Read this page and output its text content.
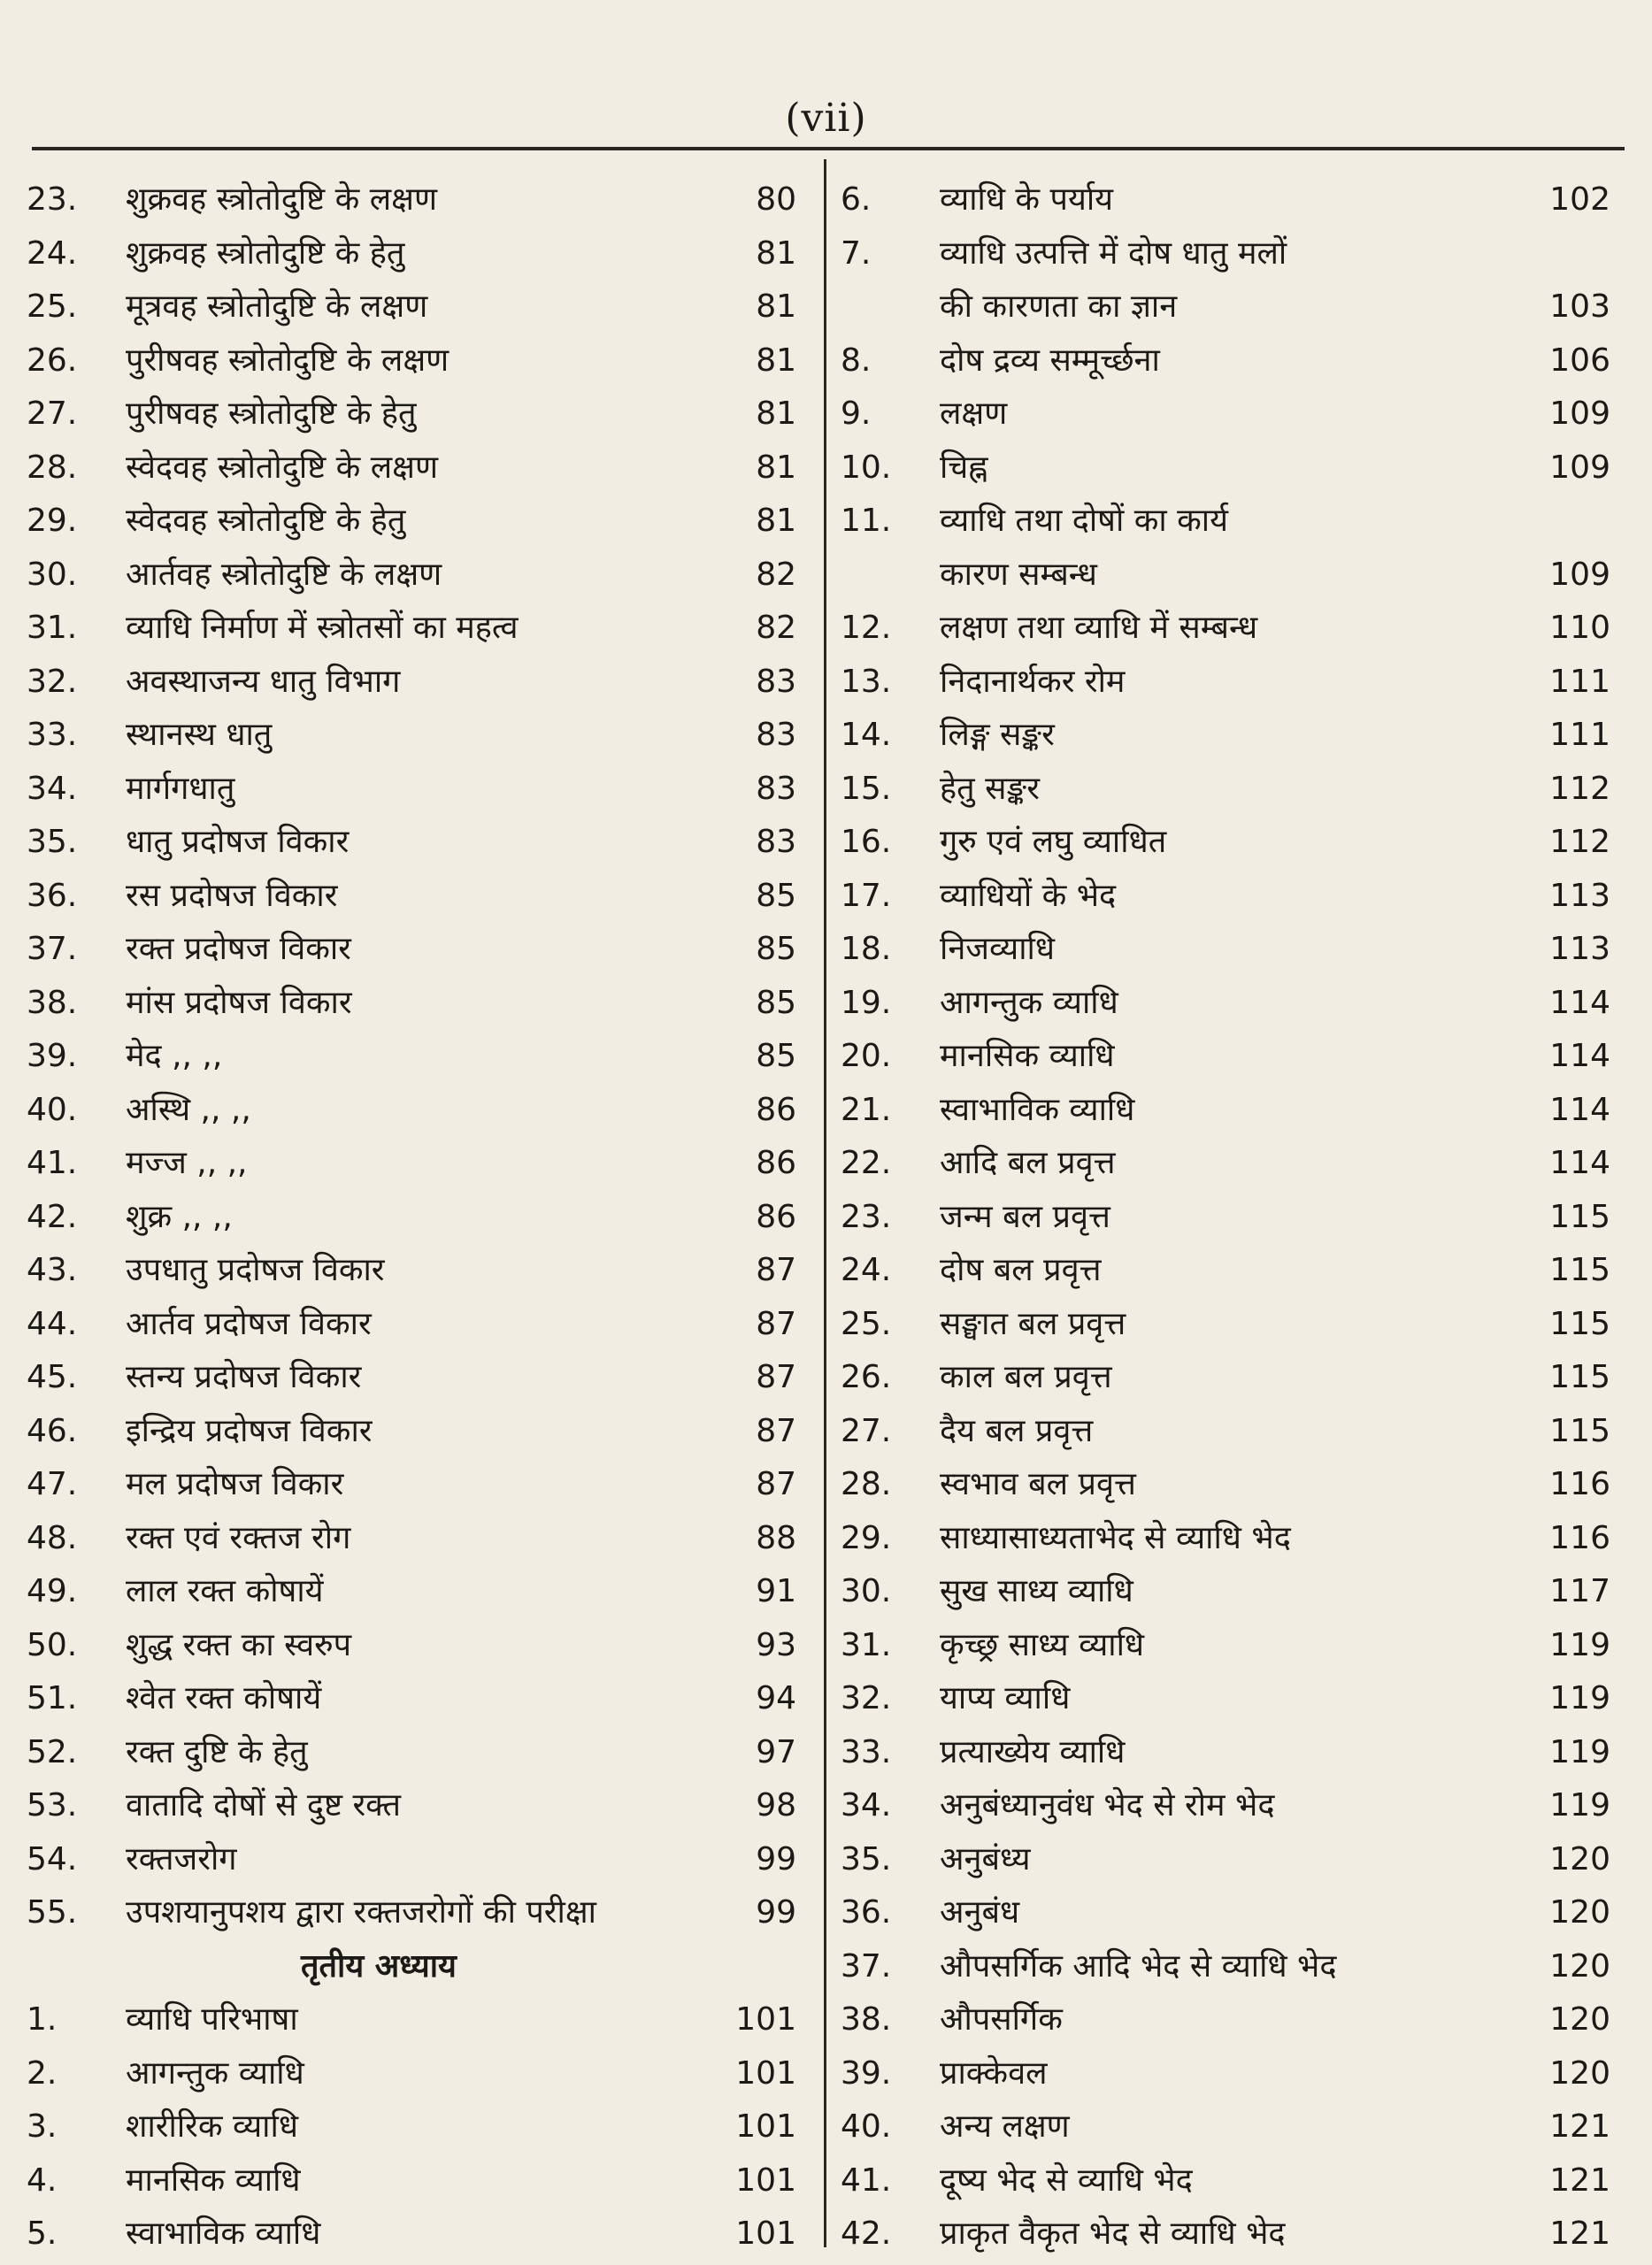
(vii)
23. शुक्रवह स्त्रोतोदुष्टि के लक्षण	80
24. शुक्रवह स्त्रोतोदुष्टि के हेतु	81
25. मूत्रवह स्त्रोतोदुष्टि के लक्षण	81
26. पुरीषवह स्त्रोतोदुष्टि के लक्षण	81
27. पुरीषवह स्त्रोतोदुष्टि के हेतु	81
28. स्वेदवह स्त्रोतोदुष्टि के लक्षण	81
29. स्वेदवह स्त्रोतोदुष्टि के हेतु	81
30. आर्तवह स्त्रोतोदुष्टि के लक्षण	82
31. व्याधि निर्माण में स्त्रोतसों का महत्व	82
32. अवस्थाजन्य धातु विभाग	83
33. स्थानस्थ धातु	83
34. मार्गगधातु	83
35. धातु प्रदोषज विकार	83
36. रस प्रदोषज विकार	85
37. रक्त प्रदोषज विकार	85
38. मांस प्रदोषज विकार	85
39. मेद ,, ,,	85
40. अस्थि ,, ,,	86
41. मज्ज ,, ,,	86
42. शुक्र ,, ,,	86
43. उपधातु प्रदोषज विकार	87
44. आर्तव प्रदोषज विकार	87
45. स्तन्य प्रदोषज विकार	87
46. इन्द्रिय प्रदोषज विकार	87
47. मल प्रदोषज विकार	87
48. रक्त एवं रक्तज रोग	88
49. लाल रक्त कोषायें	91
50. शुद्ध रक्त का स्वरुप	93
51. श्वेत रक्त कोषायें	94
52. रक्त दुष्टि के हेतु	97
53. वातादि दोषों से दुष्ट रक्त	98
54. रक्तजरोग	99
55. उपशयानुपशय द्वारा रक्तजरोगों की परीक्षा	99
तृतीय अध्याय
1. व्याधि परिभाषा	101
2. आगन्तुक व्याधि	101
3. शारीरिक व्याधि	101
4. मानसिक व्याधि	101
5. स्वाभाविक व्याधि	101
6. व्याधि के पर्याय	102
7. व्याधि उत्पत्ति में दोष धातु मलों
की कारणता का ज्ञान	103
8. दोष द्रव्य सम्मूर्च्छना	106
9. लक्षण	109
10. चिह्न	109
11. व्याधि तथा दोषों का कार्य
कारण सम्बन्ध	109
12. लक्षण तथा व्याधि में सम्बन्ध	110
13. निदानार्थकर रोम	111
14. लिङ्ग सङ्कर	111
15. हेतु सङ्कर	112
16. गुरु एवं लघु व्याधित	112
17. व्याधियों के भेद	113
18. निजव्याधि	113
19. आगन्तुक व्याधि	114
20. मानसिक व्याधि	114
21. स्वाभाविक व्याधि	114
22. आदि बल प्रवृत्त	114
23. जन्म बल प्रवृत्त	115
24. दोष बल प्रवृत्त	115
25. सङ्घात बल प्रवृत्त	115
26. काल बल प्रवृत्त	115
27. दैय बल प्रवृत्त	115
28. स्वभाव बल प्रवृत्त	116
29. साध्यासाध्यताभेद से व्याधि भेद	116
30. सुख साध्य व्याधि	117
31. कृच्छ्र साध्य व्याधि	119
32. याप्य व्याधि	119
33. प्रत्याख्येय व्याधि	119
34. अनुबंध्यानुवंध भेद से रोम भेद	119
35. अनुबंध्य	120
36. अनुबंध	120
37. औपसर्गिक आदि भेद से व्याधि भेद	120
38. औपसर्गिक	120
39. प्राक्केवल	120
40. अन्य लक्षण	121
41. दूष्य भेद से व्याधि भेद	121
42. प्राकृत वैकृत भेद से व्याधि भेद	121
